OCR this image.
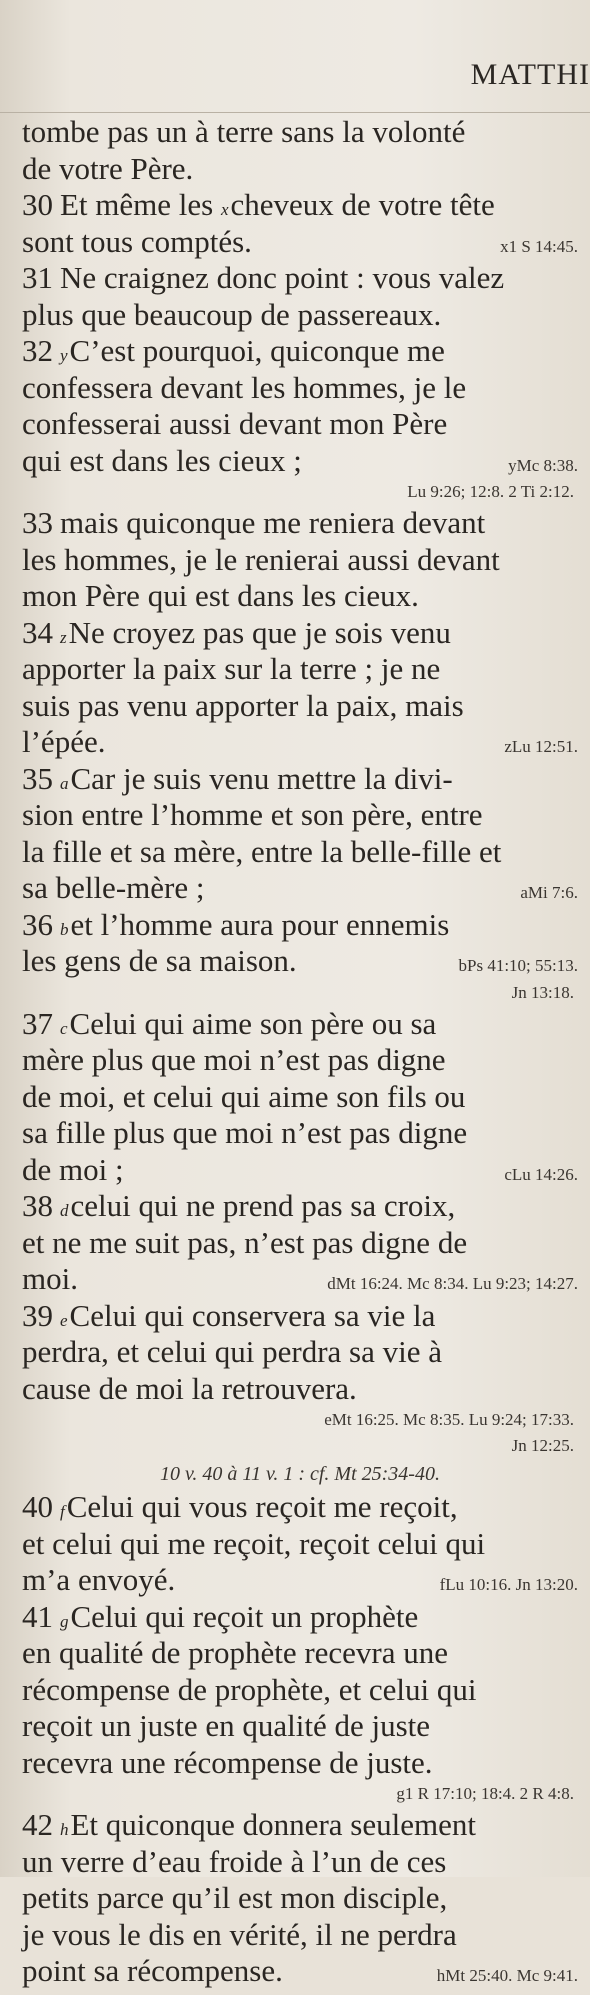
MATTHI
tombe pas un à terre sans la volonté
de votre Père.
30 Et même les xcheveux de votre tête
sont tous comptés.	x1 S 14:45.
31 Ne craignez donc point : vous valez
plus que beaucoup de passereaux.
32 yC’est pourquoi, quiconque me
confessera devant les hommes, je le
confesserai aussi devant mon Père
qui est dans les cieux ;	yMc 8:38.
Lu 9:26; 12:8. 2 Ti 2:12.
33 mais quiconque me reniera devant
les hommes, je le renierai aussi devant
mon Père qui est dans les cieux.
34 zNe croyez pas que je sois venu
apporter la paix sur la terre ; je ne
suis pas venu apporter la paix, mais
l’épée.	zLu 12:51.
35 aCar je suis venu mettre la divi-
sion entre l’homme et son père, entre
la fille et sa mère, entre la belle-fille et
sa belle-mère ;	aMi 7:6.
36 bet l’homme aura pour ennemis
les gens de sa maison.	bPs 41:10; 55:13.
Jn 13:18.
37 cCelui qui aime son père ou sa
mère plus que moi n’est pas digne
de moi, et celui qui aime son fils ou
sa fille plus que moi n’est pas digne
de moi ;	cLu 14:26.
38 dcelui qui ne prend pas sa croix,
et ne me suit pas, n’est pas digne de
moi.	dMt 16:24. Mc 8:34. Lu 9:23; 14:27.
39 eCelui qui conservera sa vie la
perdra, et celui qui perdra sa vie à
cause de moi la retrouvera.
eMt 16:25. Mc 8:35. Lu 9:24; 17:33.
Jn 12:25.
10 v. 40 à 11 v. 1 : cf. Mt 25:34-40.
40 fCelui qui vous reçoit me reçoit,
et celui qui me reçoit, reçoit celui qui
m’a envoyé.	fLu 10:16. Jn 13:20.
41 gCelui qui reçoit un prophète
en qualité de prophète recevra une
récompense de prophète, et celui qui
reçoit un juste en qualité de juste
recevra une récompense de juste.
g1 R 17:10; 18:4. 2 R 4:8.
42 hEt quiconque donnera seulement
un verre d’eau froide à l’un de ces
petits parce qu’il est mon disciple,
je vous le dis en vérité, il ne perdra
point sa récompense.	hMt 25:40. Mc 9:41.
